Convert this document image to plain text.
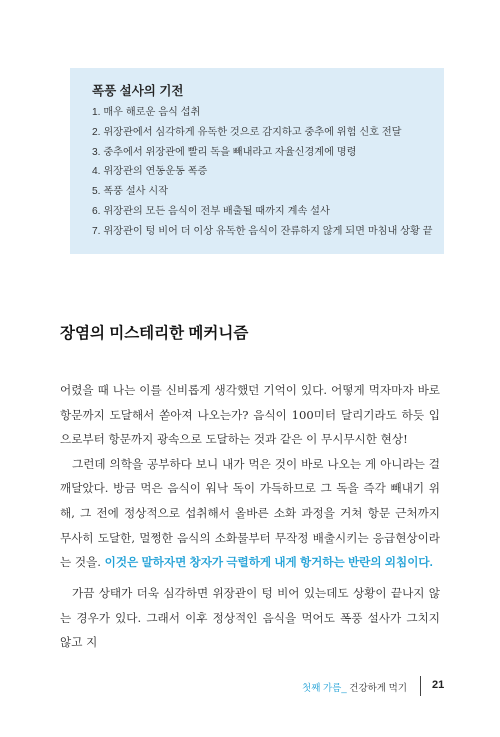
폭풍 설사의 기전
1. 매우 해로운 음식 섭취
2. 위장관에서 심각하게 유독한 것으로 감지하고 중추에 위험 신호 전달
3. 중추에서 위장관에 빨리 독을 빼내라고 자율신경계에 명령
4. 위장관의 연동운동 폭증
5. 폭풍 설사 시작
6. 위장관의 모든 음식이 전부 배출될 때까지 계속 설사
7. 위장관이 텅 비어 더 이상 유독한 음식이 잔류하지 않게 되면 마침내 상황 끝
장염의 미스테리한 메커니즘

어렸을 때 나는 이를 신비롭게 생각했던 기억이 있다. 어떻게 먹자마자 바로 항문까지 도달해서 쏟아져 나오는가? 음식이 100미터 달리기라도 하듯 입으로부터 항문까지 광속으로 도달하는 것과 같은 이 무시무시한 현상!

그런데 의학을 공부하다 보니 내가 먹은 것이 바로 나오는 게 아니라는 걸 깨달았다. 방금 먹은 음식이 워낙 독이 가득하므로 그 독을 즉각 빼내기 위해, 그 전에 정상적으로 섭취해서 올바른 소화 과정을 거쳐 항문 근처까지 무사히 도달한, 멀쩡한 음식의 소화물부터 무작정 배출시키는 응급현상이라는 것을. 이것은 말하자면 창자가 극렬하게 내게 항거하는 반란의 외침이다.

가끔 상태가 더욱 심각하면 위장관이 텅 비어 있는데도 상황이 끝나지 않는 경우가 있다. 그래서 이후 정상적인 음식을 먹어도 폭풍 설사가 그치지 않고 지

첫째 가름_ 건강하게 먹기 21
